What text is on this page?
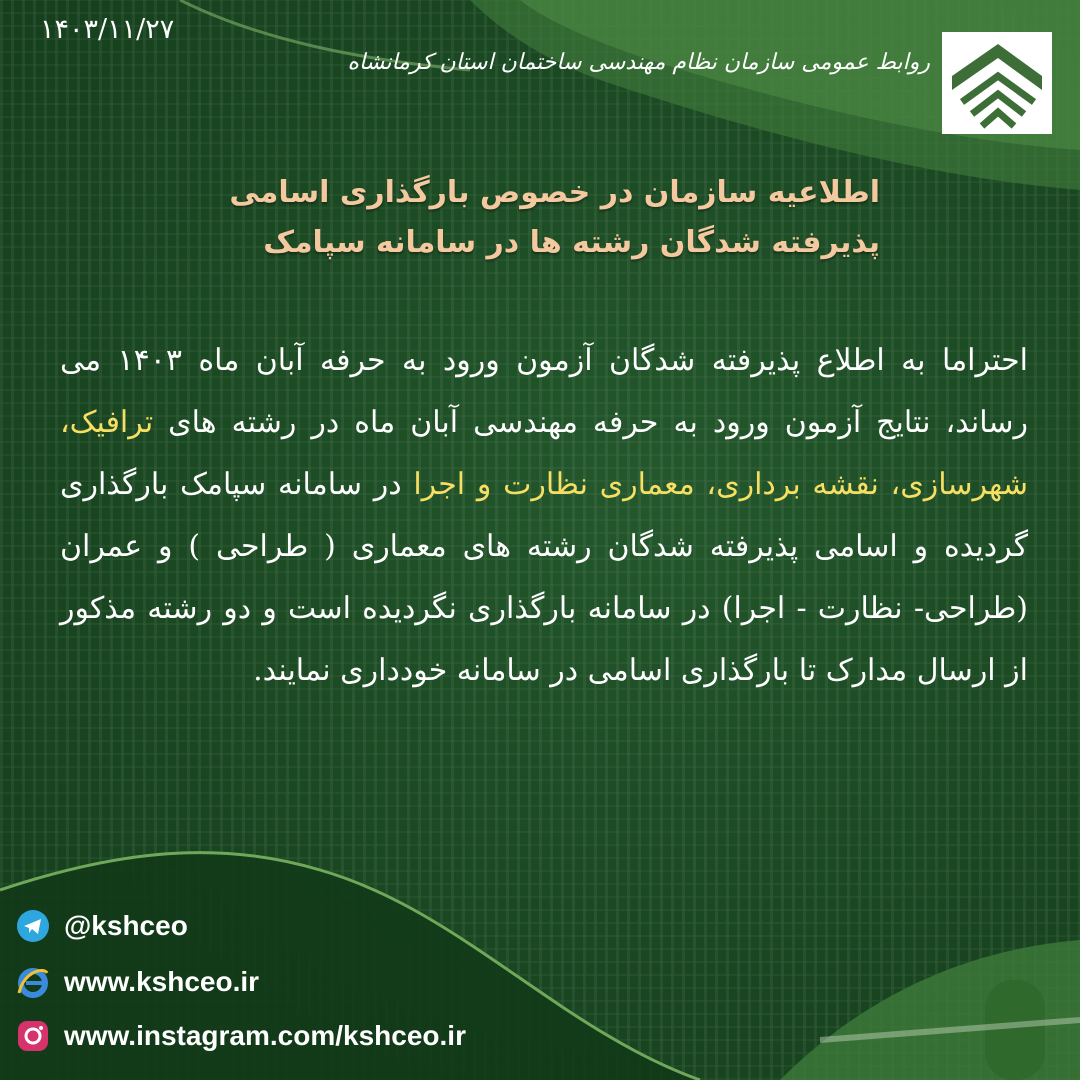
۱۴۰۳/۱۱/۲۷
روابط عمومی سازمان نظام مهندسی ساختمان استان کرمانشاه
اطلاعیه سازمان در خصوص بارگذاری اسامی
پذیرفته شدگان رشته ها در سامانه سپامک
احتراما به اطلاع پذیرفته شدگان آزمون ورود به حرفه آبان ماه ۱۴۰۳ می رساند، نتایج آزمون ورود به حرفه مهندسی آبان ماه در رشته های ترافیک، شهرسازی، نقشه برداری، معماری نظارت و اجرا در سامانه سپامک بارگذاری گردیده و اسامی پذیرفته شدگان رشته های معماری ( طراحی ) و عمران (طراحی- نظارت - اجرا) در سامانه بارگذاری نگردیده است و دو رشته مذکور از ارسال مدارک تا بارگذاری اسامی در سامانه خودداری نمایند.
@kshceo
www.kshceo.ir
www.instagram.com/kshceo.ir
